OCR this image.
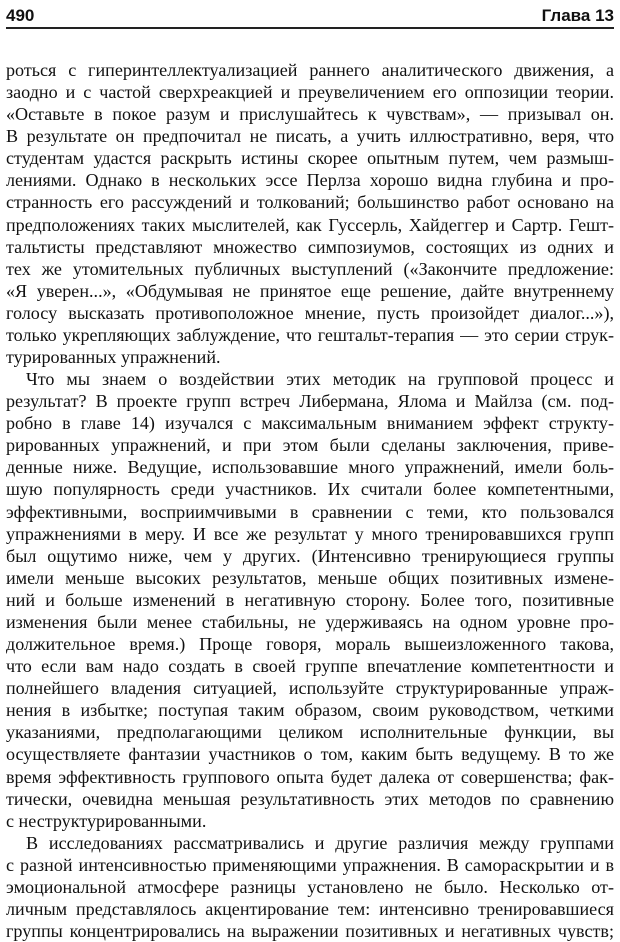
490	Глава 13
роться с гиперинтеллектуализацией раннего аналитического движения, а
заодно и с частой сверхреакцией и преувеличением его оппозиции теории.
«Оставьте в покое разум и прислушайтесь к чувствам», — призывал он.
В результате он предпочитал не писать, а учить иллюстративно, веря, что
студентам удастся раскрыть истины скорее опытным путем, чем размыш-
лениями. Однако в нескольких эссе Перлза хорошо видна глубина и про-
странность его рассуждений и толкований; большинство работ основано на
предположениях таких мыслителей, как Гуссерль, Хайдеггер и Сартр. Гешт-
тальтисты представляют множество симпозиумов, состоящих из одних и
тех же утомительных публичных выступлений («Закончите предложение:
«Я уверен...», «Обдумывая не принятое еще решение, дайте внутреннему
голосу высказать противоположное мнение, пусть произойдет диалог...»),
только укрепляющих заблуждение, что гештальт-терапия — это серии струк-
турированных упражнений.
Что мы знаем о воздействии этих методик на групповой процесс и
результат? В проекте групп встреч Либермана, Ялома и Майлза (см. под-
робно в главе 14) изучался с максимальным вниманием эффект структу-
рированных упражнений, и при этом были сделаны заключения, приве-
денные ниже. Ведущие, использовавшие много упражнений, имели боль-
шую популярность среди участников. Их считали более компетентными,
эффективными, восприимчивыми в сравнении с теми, кто пользовался
упражнениями в меру. И все же результат у много тренировавшихся групп
был ощутимо ниже, чем у других. (Интенсивно тренирующиеся группы
имели меньше высоких результатов, меньше общих позитивных измене-
ний и больше изменений в негативную сторону. Более того, позитивные
изменения были менее стабильны, не удерживаясь на одном уровне про-
должительное время.) Проще говоря, мораль вышеизложенного такова,
что если вам надо создать в своей группе впечатление компетентности и
полнейшего владения ситуацией, используйте структурированные упраж-
нения в избытке; поступая таким образом, своим руководством, четкими
указаниями, предполагающими целиком исполнительные функции, вы
осуществляете фантазии участников о том, каким быть ведущему. В то же
время эффективность группового опыта будет далека от совершенства; фак-
тически, очевидна меньшая результативность этих методов по сравнению
с неструктурированными.
В исследованиях рассматривались и другие различия между группами
с разной интенсивностью применяющими упражнения. В самораскрытии и в
эмоциональной атмосфере разницы установлено не было. Несколько от-
личным представлялось акцентирование тем: интенсивно тренировавшиеся
группы концентрировались на выражении позитивных и негативных чувств;
